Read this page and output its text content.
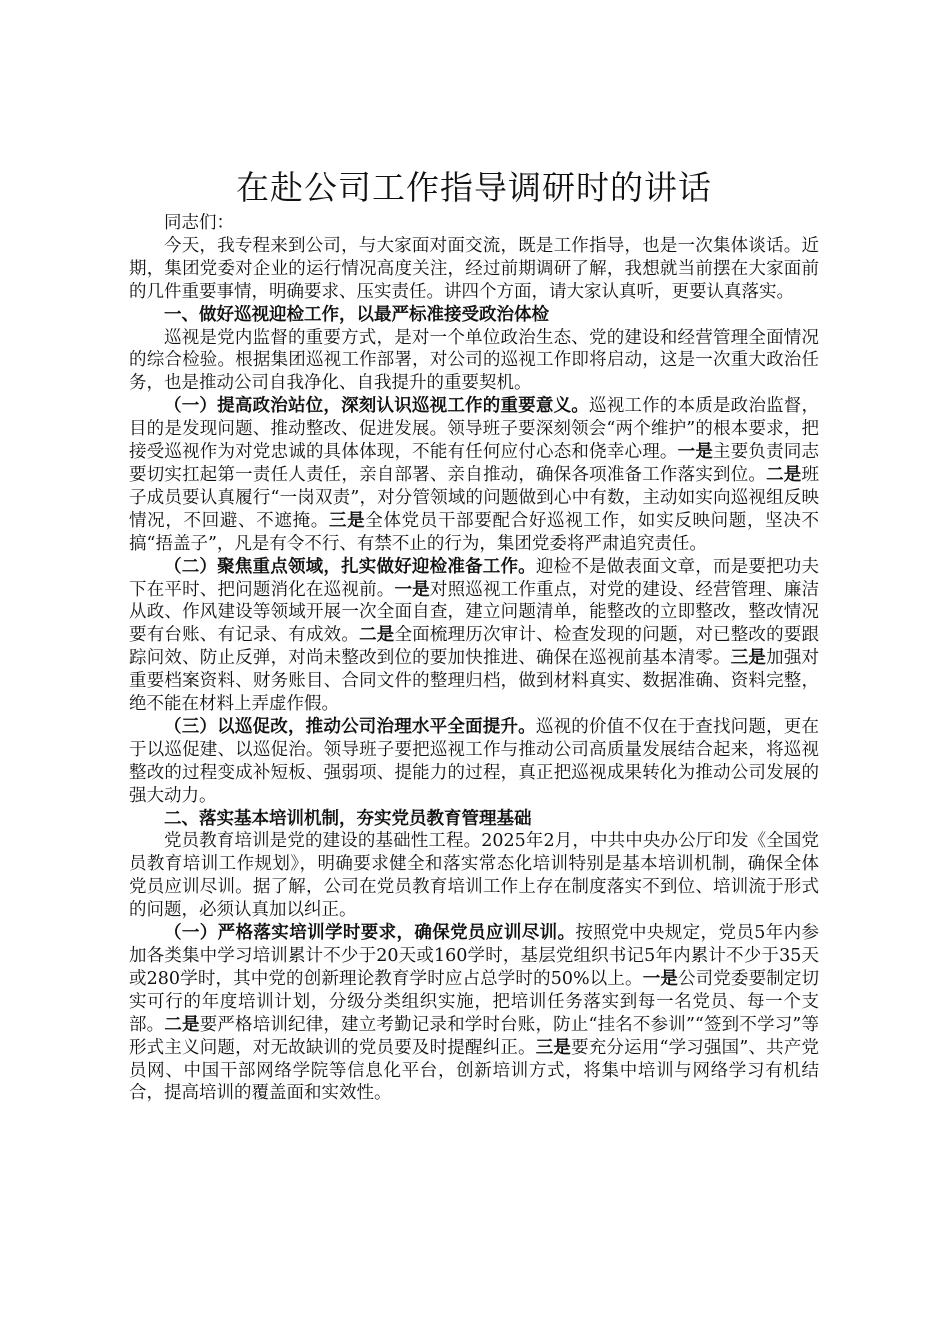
在赴公司工作指导调研时的讲话

同志们：

今天，我专程来到公司，与大家面对面交流，既是工作指导，也是一次集体谈话。近期，集团党委对企业的运行情况高度关注，经过前期调研了解，我想就当前摆在大家面前的几件重要事情，明确要求、压实责任。讲四个方面，请大家认真听，更要认真落实。

一、做好巡视迎检工作，以最严标准接受政治体检

巡视是党内监督的重要方式，是对一个单位政治生态、党的建设和经营管理全面情况的综合检验。根据集团巡视工作部署，对公司的巡视工作即将启动，这是一次重大政治任务，也是推动公司自我净化、自我提升的重要契机。

（一）提高政治站位，深刻认识巡视工作的重要意义。巡视工作的本质是政治监督，目的是发现问题、推动整改、促进发展。领导班子要深刻领会“两个维护”的根本要求，把接受巡视作为对党忠诚的具体体现，不能有任何应付心态和侥幸心理。一是主要负责同志要切实扛起第一责任人责任，亲自部署、亲自推动，确保各项准备工作落实到位。二是班子成员要认真履行“一岗双责”，对分管领域的问题做到心中有数，主动如实向巡视组反映情况，不回避、不遮掩。三是全体党员干部要配合好巡视工作，如实反映问题，坚决不搞“捂盖子”，凡是有令不行、有禁不止的行为，集团党委将严肃追究责任。

（二）聚焦重点领域，扎实做好迎检准备工作。迎检不是做表面文章，而是要把功夫下在平时、把问题消化在巡视前。一是对照巡视工作重点，对党的建设、经营管理、廉洁从政、作风建设等领域开展一次全面自查，建立问题清单，能整改的立即整改，整改情况要有台账、有记录、有成效。二是全面梳理历次审计、检查发现的问题，对已整改的要跟踪问效、防止反弹，对尚未整改到位的要加快推进、确保在巡视前基本清零。三是加强对重要档案资料、财务账目、合同文件的整理归档，做到材料真实、数据准确、资料完整，绝不能在材料上弄虚作假。

（三）以巡促改，推动公司治理水平全面提升。巡视的价值不仅在于查找问题，更在于以巡促建、以巡促治。领导班子要把巡视工作与推动公司高质量发展结合起来，将巡视整改的过程变成补短板、强弱项、提能力的过程，真正把巡视成果转化为推动公司发展的强大动力。

二、落实基本培训机制，夯实党员教育管理基础

党员教育培训是党的建设的基础性工程。2025年2月，中共中央办公厅印发《全国党员教育培训工作规划》，明确要求健全和落实常态化培训特别是基本培训机制，确保全体党员应训尽训。据了解，公司在党员教育培训工作上存在制度落实不到位、培训流于形式的问题，必须认真加以纠正。

（一）严格落实培训学时要求，确保党员应训尽训。按照党中央规定，党员5年内参加各类集中学习培训累计不少于20天或160学时，基层党组织书记5年内累计不少于35天或280学时，其中党的创新理论教育学时应占总学时的50%以上。一是公司党委要制定切实可行的年度培训计划，分级分类组织实施，把培训任务落实到每一名党员、每一个支部。二是要严格培训纪律，建立考勤记录和学时台账，防止“挂名不参训”“签到不学习”等形式主义问题，对无故缺训的党员要及时提醒纠正。三是要充分运用“学习强国”、共产党员网、中国干部网络学院等信息化平台，创新培训方式，将集中培训与网络学习有机结合，提高培训的覆盖面和实效性。
